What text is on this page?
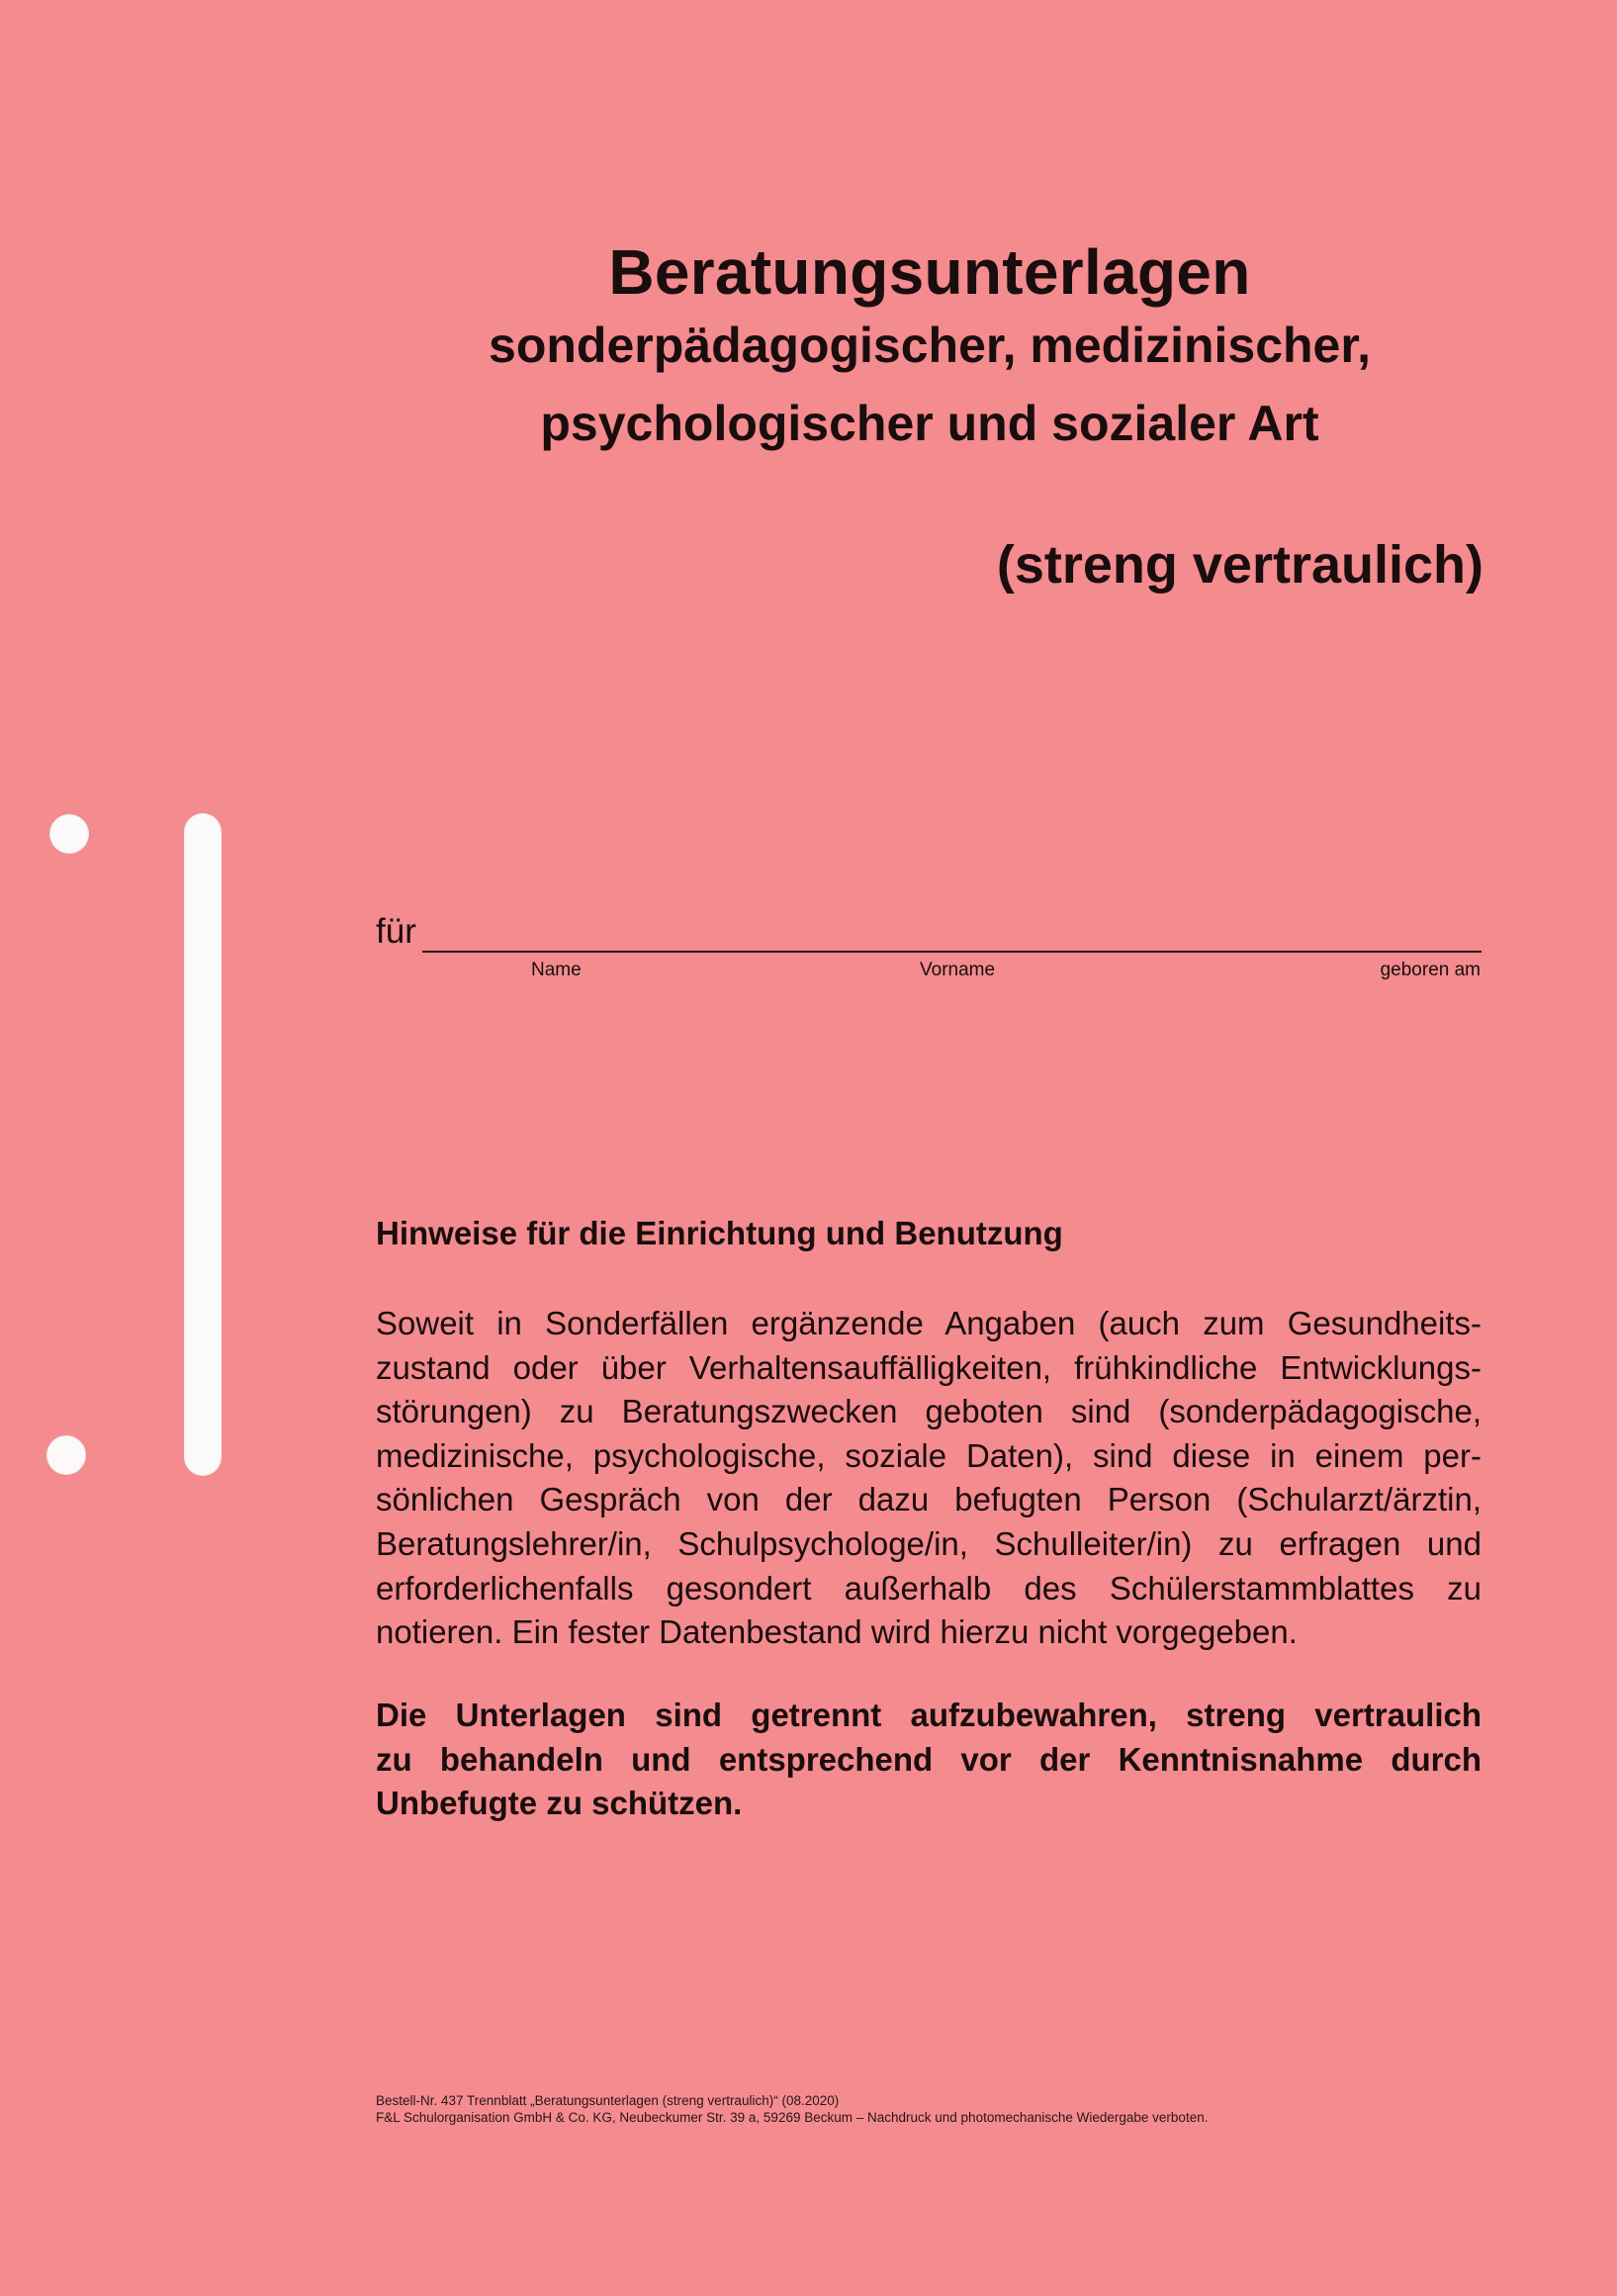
Beratungsunterlagen
sonderpädagogischer, medizinischer,
psychologischer und sozialer Art
(streng vertraulich)
für
Name	Vorname	geboren am
Hinweise für die Einrichtung und Benutzung
Soweit in Sonderfällen ergänzende Angaben (auch zum Gesundheits-
zustand oder über Verhaltensauffälligkeiten, frühkindliche Entwicklungs-
störungen) zu Beratungszwecken geboten sind (sonderpädagogische,
medizinische, psychologische, soziale Daten), sind diese in einem per-
sönlichen Gespräch von der dazu befugten Person (Schularzt/ärztin,
Beratungslehrer/in, Schulpsychologe/in, Schulleiter/in) zu erfragen und
erforderlichenfalls gesondert außerhalb des Schülerstammblattes zu
notieren. Ein fester Datenbestand wird hierzu nicht vorgegeben.
Die Unterlagen sind getrennt aufzubewahren, streng vertraulich
zu behandeln und entsprechend vor der Kenntnisnahme durch
Unbefugte zu schützen.
Bestell-Nr. 437 Trennblatt „Beratungsunterlagen (streng vertraulich)“ (08.2020)
F&L Schulorganisation GmbH & Co. KG, Neubeckumer Str. 39 a, 59269 Beckum – Nachdruck und photomechanische Wiedergabe verboten.
